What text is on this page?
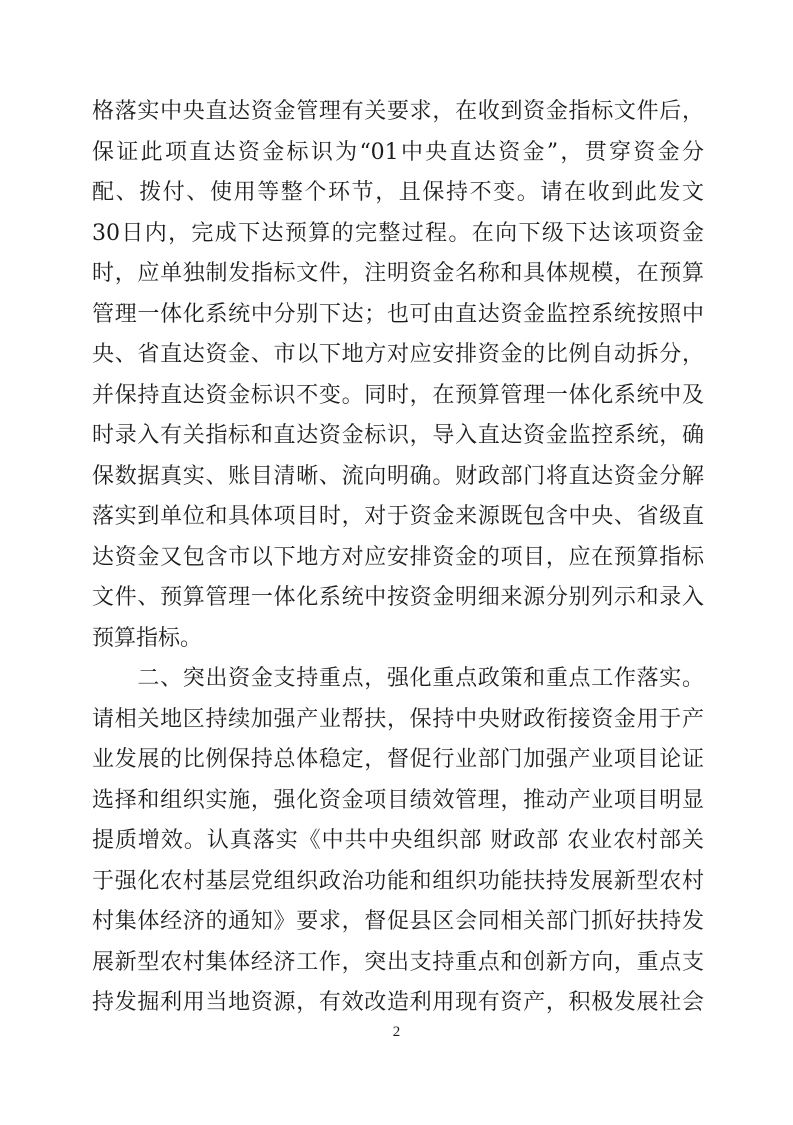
格落实中央直达资金管理有关要求，在收到资金指标文件后，
保证此项直达资金标识为“01中央直达资金”，贯穿资金分
配、拨付、使用等整个环节，且保持不变。请在收到此发文
30日内，完成下达预算的完整过程。在向下级下达该项资金
时，应单独制发指标文件，注明资金名称和具体规模，在预算
管理一体化系统中分别下达；也可由直达资金监控系统按照中
央、省直达资金、市以下地方对应安排资金的比例自动拆分，
并保持直达资金标识不变。同时，在预算管理一体化系统中及
时录入有关指标和直达资金标识，导入直达资金监控系统，确
保数据真实、账目清晰、流向明确。财政部门将直达资金分解
落实到单位和具体项目时，对于资金来源既包含中央、省级直
达资金又包含市以下地方对应安排资金的项目，应在预算指标
文件、预算管理一体化系统中按资金明细来源分别列示和录入
预算指标。
　　二、突出资金支持重点，强化重点政策和重点工作落实。
请相关地区持续加强产业帮扶，保持中央财政衔接资金用于产
业发展的比例保持总体稳定，督促行业部门加强产业项目论证
选择和组织实施，强化资金项目绩效管理，推动产业项目明显
提质增效。认真落实《中共中央组织部 财政部 农业农村部关
于强化农村基层党组织政治功能和组织功能扶持发展新型农村
村集体经济的通知》要求，督促县区会同相关部门抓好扶持发
展新型农村集体经济工作，突出支持重点和创新方向，重点支
持发掘利用当地资源，有效改造利用现有资产，积极发展社会
2
